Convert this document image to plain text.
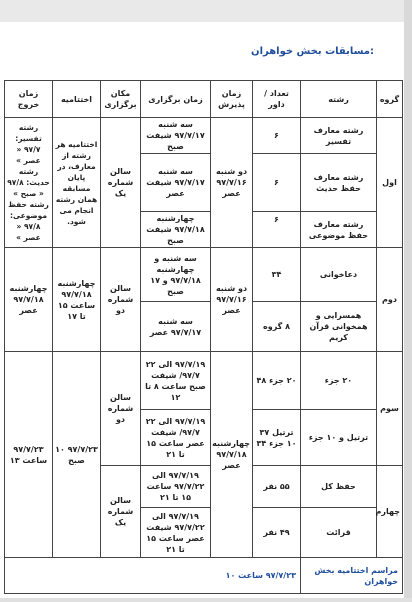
مسابقات بخش خواهران:
گروه	رشته	تعداد / داور	زمان پذیرش	زمان برگزاری	مکان برگزاری	اختتامیه	زمان خروج
اول	رشته معارف تفسیر	۶	دو شنبه ۹۷/۷/۱۶ عصر	سه شنبه ۹۷/۷/۱۷ شیفت صبح	سالن شماره یک	اختتامیه هر رشته از معارف، در پایان مسابقه همان رشته انجام می شود.	رشته تفسیر: ۹۷/۷ « عصر » رشته حدیث: ۹۷/۸ « صبح » رشته حفظ موضوعی: ۹۷/۸ « عصر »
	رشته معارف حفظ حدیث	۶		سه شنبه ۹۷/۷/۱۷ شیفت عصر			
	رشته معارف حفظ موضوعی	۶		چهارشنبه ۹۷/۷/۱۸ شیفت صبح			
دوم	دعاخوانی	۳۴	دو شنبه ۹۷/۷/۱۶ عصر	سه شنبه و چهارشنبه ۹۷/۷/۱۸ و ۱۷ صبح	سالن شماره دو	چهارشنبه ۹۷/۷/۱۸ ساعت ۱۵ تا ۱۷	چهارشنبه ۹۷/۷/۱۸ عصر
	همسرایی و همخوانی قرآن کریم	۸ گروه		سه شنبه ۹۷/۷/۱۷ عصر			
سوم	۲۰ جزء	۲۰ جزء ۴۸	چهارشنبه ۹۷/۷/۱۸ عصر	۹۷/۷/۱۹ الی ۲۲ ۹۷/۷/ شیفت صبح ساعت ۸ تا ۱۲	سالن شماره دو	۹۷/۷/۲۳ ۱۰ صبح	۹۷/۷/۲۳ ساعت ۱۳
	ترتیل و ۱۰ جزء	ترتیل ۳۷ ۱۰ جزء ۳۴		۹۷/۷/۱۹ الی ۲۲ ۹۷/۷/ شیفت عصر ساعت ۱۵ تا ۲۱			
چهارم	حفظ کل	۵۵ نفر		۹۷/۷/۱۹ الی ۹۷/۷/۲۲ ساعت ۱۵ تا ۲۱	سالن شماره یک		
	قرائت	۴۹ نفر		۹۷/۷/۱۹ الی ۹۷/۷/۲۲ شیفت عصر ساعت ۱۵ تا ۲۱			
مراسم اختتامیه بخش خواهران		۹۷/۷/۲۳ ساعت ۱۰					
